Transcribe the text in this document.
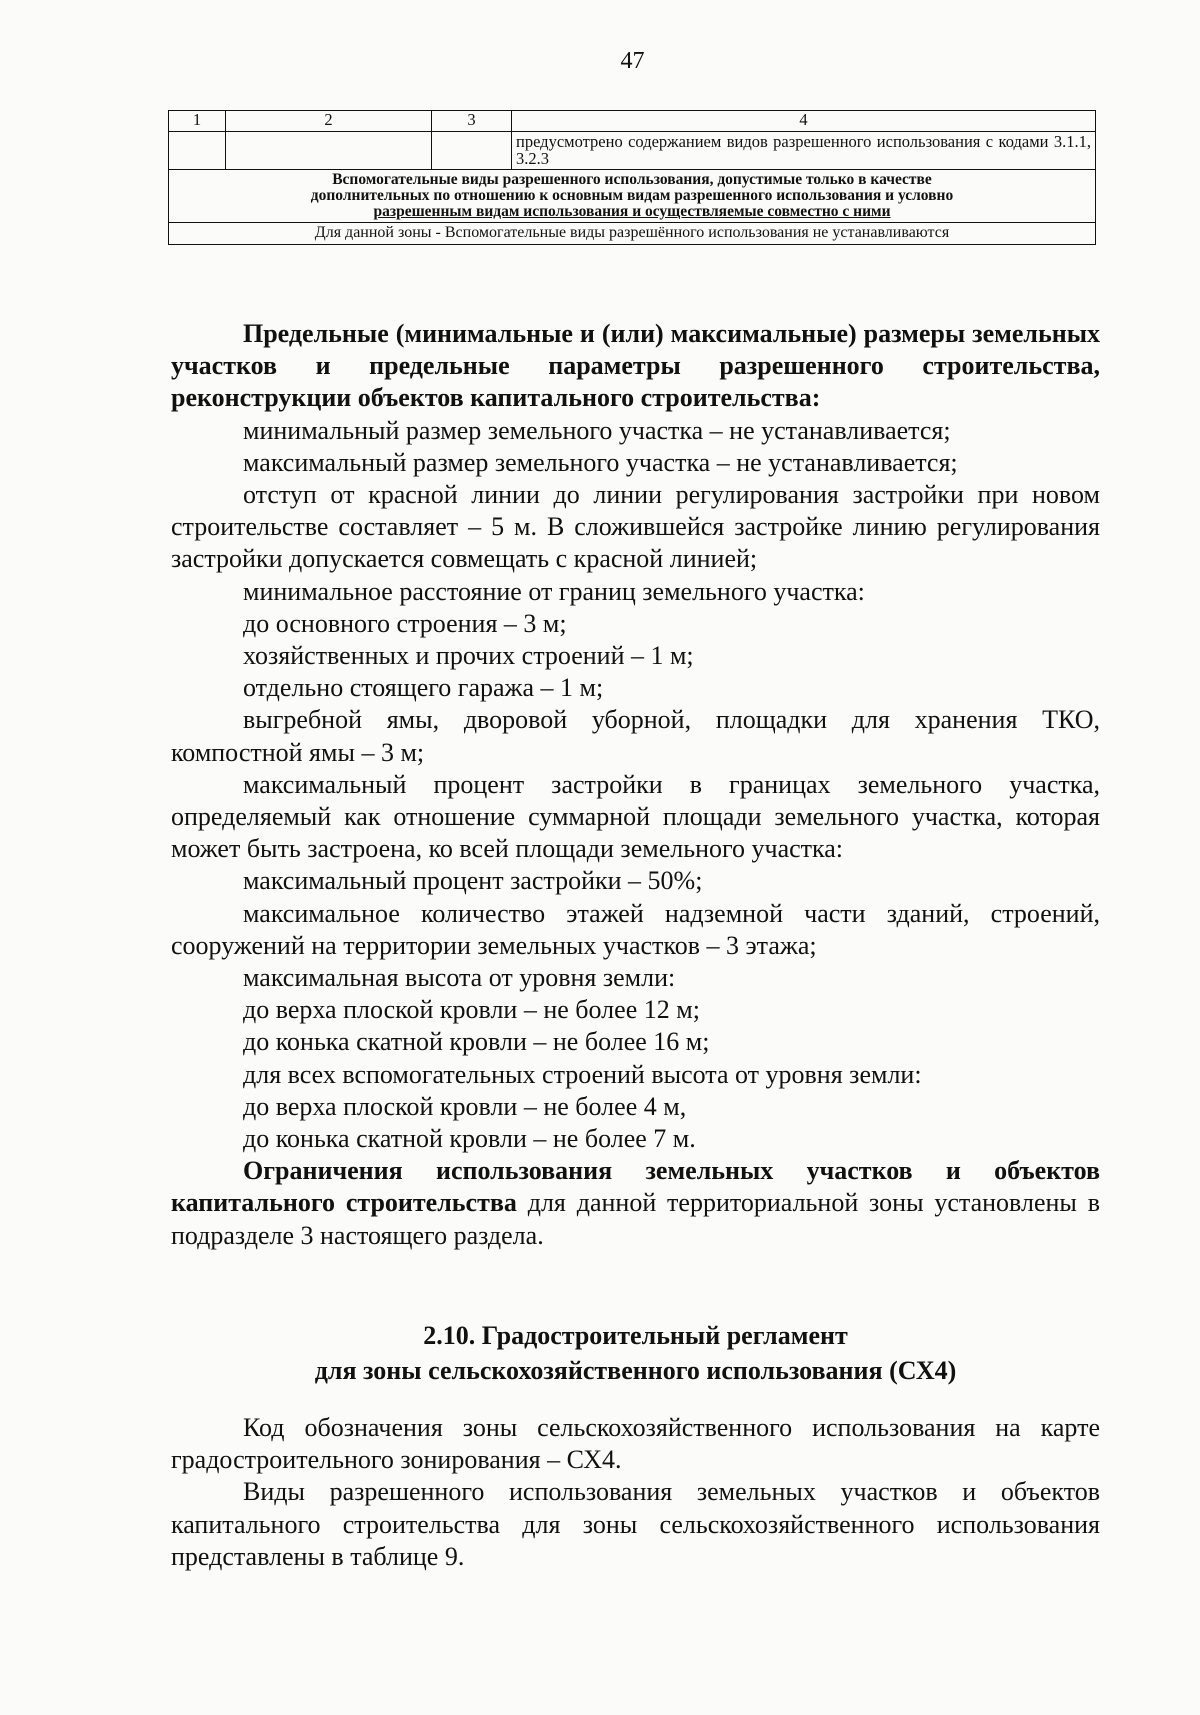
47
1	2	3	4
			предусмотрено содержанием видов разрешенного использования с кодами 3.1.1, 3.2.3

Вспомогательные виды разрешенного использования, допустимые только в качестве
дополнительных по отношению к основным видам разрешенного использования и условно
разрешенным видам использования и осуществляемые совместно с ними			

Для данной зоны - Вспомогательные виды разрешённого использования не устанавливаются			

Предельные (минимальные и (или) максимальные) размеры земельных участков и предельные параметры разрешенного строительства, реконструкции объектов капитального строительства:

минимальный размер земельного участка – не устанавливается;

максимальный размер земельного участка – не устанавливается;

отступ от красной линии до линии регулирования застройки при новом строительстве составляет – 5 м. В сложившейся застройке линию регулирования застройки допускается совмещать с красной линией;

минимальное расстояние от границ земельного участка:

до основного строения – 3 м;

хозяйственных и прочих строений – 1 м;

отдельно стоящего гаража – 1 м;

выгребной ямы, дворовой уборной, площадки для хранения ТКО, компостной ямы – 3 м;

максимальный процент застройки в границах земельного участка, определяемый как отношение суммарной площади земельного участка, которая может быть застроена, ко всей площади земельного участка:

максимальный процент застройки – 50%;

максимальное количество этажей надземной части зданий, строений, сооружений на территории земельных участков – 3 этажа;

максимальная высота от уровня земли:

до верха плоской кровли – не более 12 м;

до конька скатной кровли – не более 16 м;

для всех вспомогательных строений высота от уровня земли:

до верха плоской кровли – не более 4 м,

до конька скатной кровли – не более 7 м.

Ограничения использования земельных участков и объектов капитального строительства для данной территориальной зоны установлены в подразделе 3 настоящего раздела.

2.10. Градостроительный регламент
для зоны сельскохозяйственного использования (СХ4)

Код обозначения зоны сельскохозяйственного использования на карте градостроительного зонирования – СХ4.

Виды разрешенного использования земельных участков и объектов капитального строительства для зоны сельскохозяйственного использования представлены в таблице 9.
